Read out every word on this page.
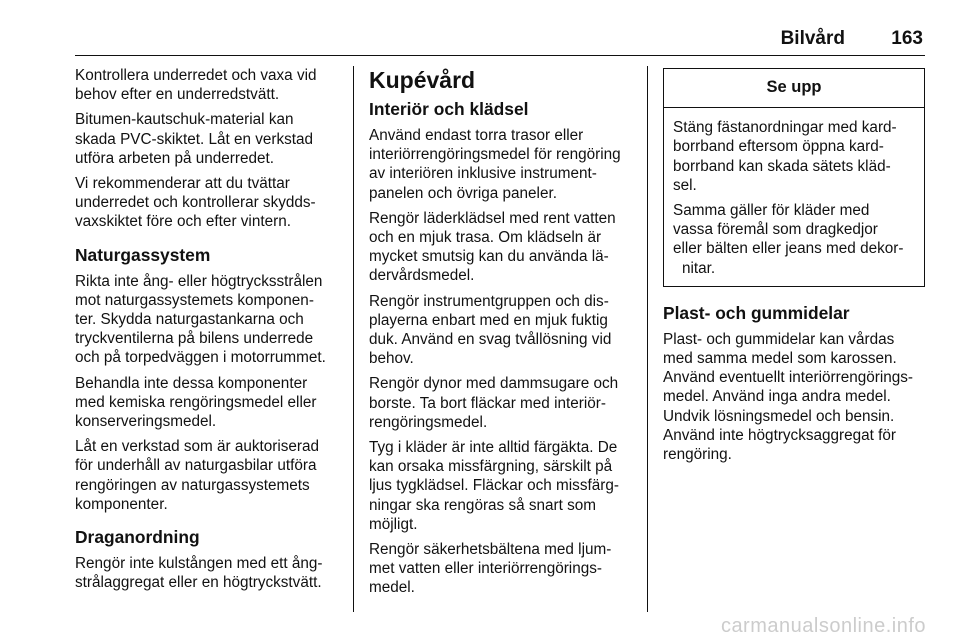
Bilvård 163

Kontrollera underredet och vaxa vid
behov efter en underredstvätt.

Bitumen-kautschuk-material kan
skada PVC-skiktet. Låt en verkstad
utföra arbeten på underredet.

Vi rekommenderar att du tvättar
underredet och kontrollerar skydds-
vaxskiktet före och efter vintern.

Naturgassystem

Rikta inte ång- eller högtrycksstrålen
mot naturgassystemets komponen-
ter. Skydda naturgastankarna och
tryckventilerna på bilens underrede
och på torpedväggen i motorrummet.

Behandla inte dessa komponenter
med kemiska rengöringsmedel eller
konserveringsmedel.

Låt en verkstad som är auktoriserad
för underhåll av naturgasbilar utföra
rengöringen av naturgassystemets
komponenter.

Draganordning

Rengör inte kulstången med ett ång-
strålaggregat eller en högtryckstvätt.

Kupévård
Interiör och klädsel

Använd endast torra trasor eller
interiörrengöringsmedel för rengöring
av interiören inklusive instrument-
panelen och övriga paneler.

Rengör läderklädsel med rent vatten
och en mjuk trasa. Om klädseln är
mycket smutsig kan du använda lä-
dervårdsmedel.

Rengör instrumentgruppen och dis-
playerna enbart med en mjuk fuktig
duk. Använd en svag tvållösning vid
behov.

Rengör dynor med dammsugare och
borste. Ta bort fläckar med interiör-
rengöringsmedel.

Tyg i kläder är inte alltid färgäkta. De
kan orsaka missfärgning, särskilt på
ljus tygklädsel. Fläckar och missfärg-
ningar ska rengöras så snart som
möjligt.

Rengör säkerhetsbältena med ljum-
met vatten eller interiörrengörings-
medel.

Se upp

Stäng fästanordningar med kard-
borrband eftersom öppna kard-
borrband kan skada sätets kläd-
sel.

Samma gäller för kläder med
vassa föremål som dragkedjor
eller bälten eller jeans med dekor-
nitar.

Plast- och gummidelar

Plast- och gummidelar kan vårdas
med samma medel som karossen.
Använd eventuellt interiörrengörings-
medel. Använd inga andra medel.
Undvik lösningsmedel och bensin.
Använd inte högtrycksaggregat för
rengöring.

carmanualsonline.info
